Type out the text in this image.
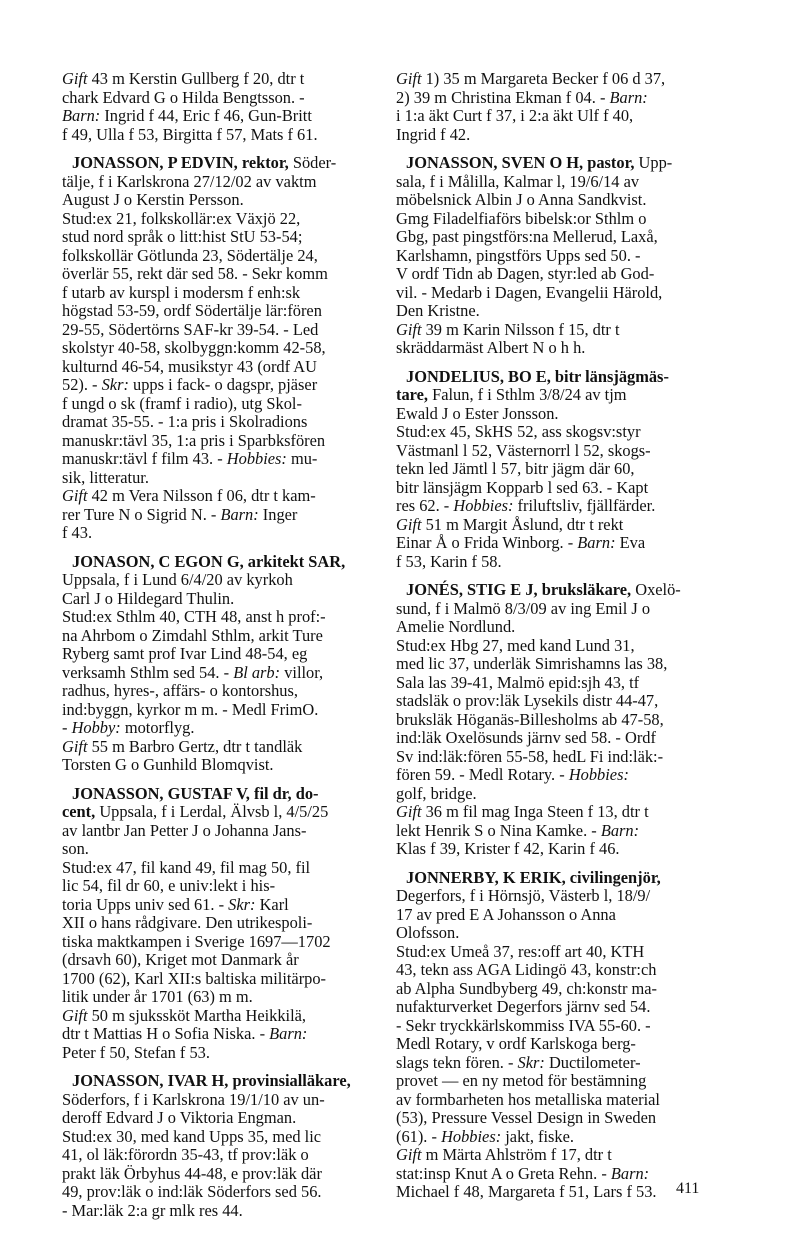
Gift 43 m Kerstin Gullberg f 20, dtr t
chark Edvard G o Hilda Bengtsson. -
Barn: Ingrid f 44, Eric f 46, Gun-Britt
f 49, Ulla f 53, Birgitta f 57, Mats f 61.
JONASSON, P EDVIN, rektor, Söder-
tälje, f i Karlskrona 27/12/02 av vaktm
August J o Kerstin Persson.
Stud:ex 21, folkskollär:ex Växjö 22,
stud nord språk o litt:hist StU 53-54;
folkskollär Götlunda 23, Södertälje 24,
överlär 55, rekt där sed 58. - Sekr komm
f utarb av kurspl i modersm f enh:sk
högstad 53-59, ordf Södertälje lär:fören
29-55, Södertörns SAF-kr 39-54. - Led
skolstyr 40-58, skolbyggn:komm 42-58,
kulturnd 46-54, musikstyr 43 (ordf AU
52). - Skr: upps i fack- o dagspr, pjäser
f ungd o sk (framf i radio), utg Skol-
dramat 35-55. - 1:a pris i Skolradions
manuskr:tävl 35, 1:a pris i Sparbksfören
manuskr:tävl f film 43. - Hobbies: mu-
sik, litteratur.
Gift 42 m Vera Nilsson f 06, dtr t kam-
rer Ture N o Sigrid N. - Barn: Inger
f 43.
JONASON, C EGON G, arkitekt SAR,
Uppsala, f i Lund 6/4/20 av kyrkoh
Carl J o Hildegard Thulin.
Stud:ex Sthlm 40, CTH 48, anst h prof:-
na Ahrbom o Zimdahl Sthlm, arkit Ture
Ryberg samt prof Ivar Lind 48-54, eg
verksamh Sthlm sed 54. - Bl arb: villor,
radhus, hyres-, affärs- o kontorshus,
ind:byggn, kyrkor m m. - Medl FrimO.
- Hobby: motorflyg.
Gift 55 m Barbro Gertz, dtr t tandläk
Torsten G o Gunhild Blomqvist.
JONASSON, GUSTAF V, fil dr, do-
cent, Uppsala, f i Lerdal, Älvsb l, 4/5/25
av lantbr Jan Petter J o Johanna Jans-
son.
Stud:ex 47, fil kand 49, fil mag 50, fil
lic 54, fil dr 60, e univ:lekt i his-
toria Upps univ sed 61. - Skr: Karl
XII o hans rådgivare. Den utrikespoli-
tiska maktkampen i Sverige 1697—1702
(drsavh 60), Kriget mot Danmark år
1700 (62), Karl XII:s baltiska militärpo-
litik under år 1701 (63) m m.
Gift 50 m sjukssköt Martha Heikkilä,
dtr t Mattias H o Sofia Niska. - Barn:
Peter f 50, Stefan f 53.
JONASSON, IVAR H, provinsialläkare,
Söderfors, f i Karlskrona 19/1/10 av un-
deroff Edvard J o Viktoria Engman.
Stud:ex 30, med kand Upps 35, med lic
41, ol läk:förordn 35-43, tf prov:läk o
prakt läk Örbyhus 44-48, e prov:läk där
49, prov:läk o ind:läk Söderfors sed 56.
- Mar:läk 2:a gr mlk res 44.
Gift 1) 35 m Margareta Becker f 06 d 37,
2) 39 m Christina Ekman f 04. - Barn:
i 1:a äkt Curt f 37, i 2:a äkt Ulf f 40,
Ingrid f 42.
JONASSON, SVEN O H, pastor, Upp-
sala, f i Målilla, Kalmar l, 19/6/14 av
möbelsnick Albin J o Anna Sandkvist.
Gmg Filadelfiaförs bibelsk:or Sthlm o
Gbg, past pingstförs:na Mellerud, Laxå,
Karlshamn, pingstförs Upps sed 50. -
V ordf Tidn ab Dagen, styr:led ab God-
vil. - Medarb i Dagen, Evangelii Härold,
Den Kristne.
Gift 39 m Karin Nilsson f 15, dtr t
skräddarmäst Albert N o h h.
JONDELIUS, BO E, bitr länsjägmäs-
tare, Falun, f i Sthlm 3/8/24 av tjm
Ewald J o Ester Jonsson.
Stud:ex 45, SkHS 52, ass skogsv:styr
Västmanl l 52, Västernorrl l 52, skogs-
tekn led Jämtl l 57, bitr jägm där 60,
bitr länsjägm Kopparb l sed 63. - Kapt
res 62. - Hobbies: friluftsliv, fjällfärder.
Gift 51 m Margit Åslund, dtr t rekt
Einar Å o Frida Winborg. - Barn: Eva
f 53, Karin f 58.
JONÉS, STIG E J, bruksläkare, Oxelö-
sund, f i Malmö 8/3/09 av ing Emil J o
Amelie Nordlund.
Stud:ex Hbg 27, med kand Lund 31,
med lic 37, underläk Simrishamns las 38,
Sala las 39-41, Malmö epid:sjh 43, tf
stadsläk o prov:läk Lysekils distr 44-47,
bruksläk Höganäs-Billesholms ab 47-58,
ind:läk Oxelösunds järnv sed 58. - Ordf
Sv ind:läk:fören 55-58, hedL Fi ind:läk:-
fören 59. - Medl Rotary. - Hobbies:
golf, bridge.
Gift 36 m fil mag Inga Steen f 13, dtr t
lekt Henrik S o Nina Kamke. - Barn:
Klas f 39, Krister f 42, Karin f 46.
JONNERBY, K ERIK, civilingenjör,
Degerfors, f i Hörnsjö, Västerb l, 18/9/
17 av pred E A Johansson o Anna
Olofsson.
Stud:ex Umeå 37, res:off art 40, KTH
43, tekn ass AGA Lidingö 43, konstr:ch
ab Alpha Sundbyberg 49, ch:konstr ma-
nufakturverket Degerfors järnv sed 54.
- Sekr tryckkärlskommiss IVA 55-60. -
Medl Rotary, v ordf Karlskoga berg-
slags tekn fören. - Skr: Ductilometer-
provet — en ny metod för bestämning
av formbarheten hos metalliska material
(53), Pressure Vessel Design in Sweden
(61). - Hobbies: jakt, fiske.
Gift m Märta Ahlström f 17, dtr t
stat:insp Knut A o Greta Rehn. - Barn:
Michael f 48, Margareta f 51, Lars f 53.	411
